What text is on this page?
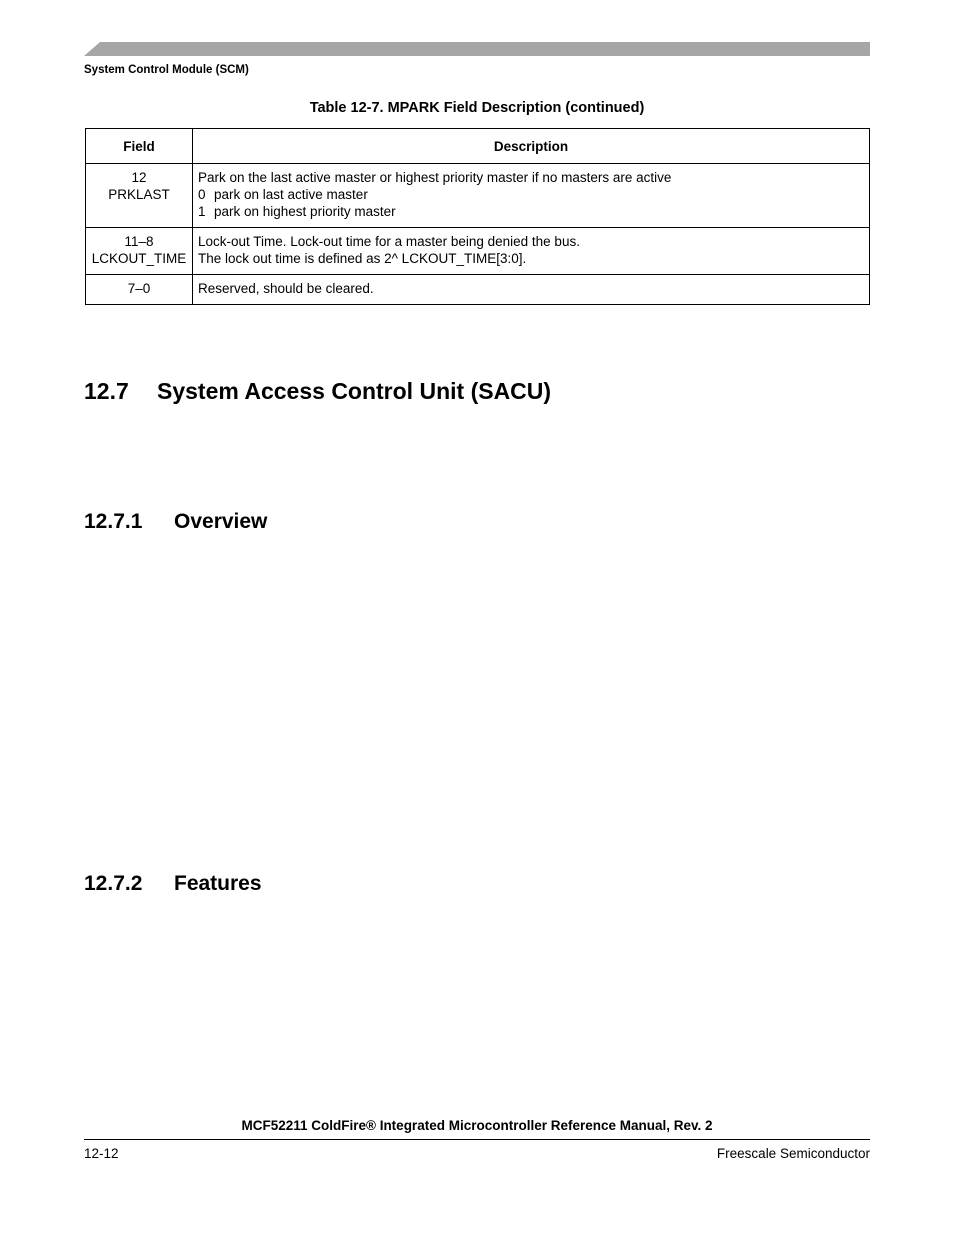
System Control Module (SCM)
Table 12-7. MPARK Field Description (continued)
Field	Description

12
PRKLAST	Park on the last active master or highest priority master if no masters are active
0 park on last active master
1 park on highest priority master

11–8
LCKOUT_TIME	Lock-out Time. Lock-out time for a master being denied the bus.
The lock out time is defined as 2^ LCKOUT_TIME[3:0].

7–0	Reserved, should be cleared.
12.7 System Access Control Unit (SACU)
12.7.1 Overview
12.7.2 Features
MCF52211 ColdFire® Integrated Microcontroller Reference Manual, Rev. 2
12-12	Freescale Semiconductor
